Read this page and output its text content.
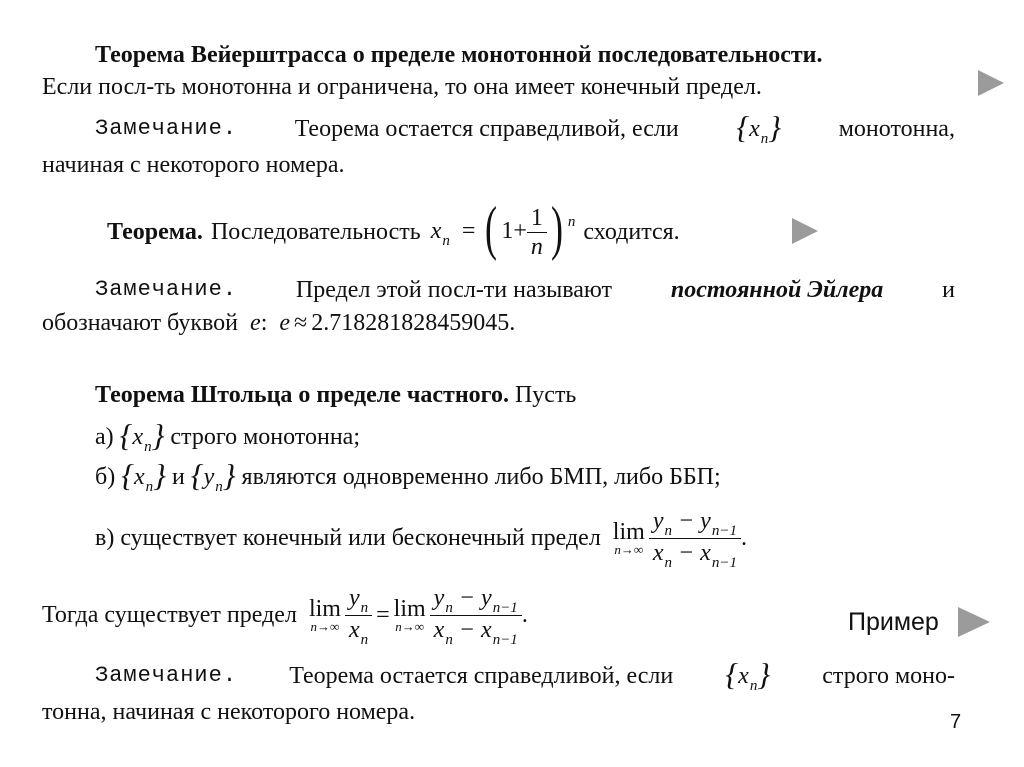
Теорема Вейерштрасса о пределе монотонной последовательности.
Если посл-ть монотонна и ограничена, то она имеет конечный предел.
Замечание. Теорема остается справедливой, если $\{x_n\}$ монотонна,
начиная с некоторого номера.
Теорема. Последовательность $x_n$ = ( $1+ \frac{1}{n}$ ) $^n$ сходится.
Замечание. Предел этой посл-ти называют постоянной Эйлера и
обозначают буквой e:  e ≈ 2.718281828459045.
Теорема Штольца о пределе частного. Пусть
а) $\{x_n\}$ строго монотонна;
б) $\{x_n\}$ и $\{y_n\}$ являются одновременно либо БМП, либо ББП;
в) существует конечный или бесконечный предел lim
$n\to\infty \frac{y_n - y_{n-1}}{x_n - x_{n-1}}$ .
Тогда существует предел lim
$n\to\infty \frac{y_n}{x_n} = \lim$
$n\to\infty \frac{y_n - y_{n-1}}{x_n - x_{n-1}}$ .	Пример
Замечание. Теорема остается справедливой, если $\{x_n\}$ строго моно-
тонна, начиная с некоторого номера.	7
